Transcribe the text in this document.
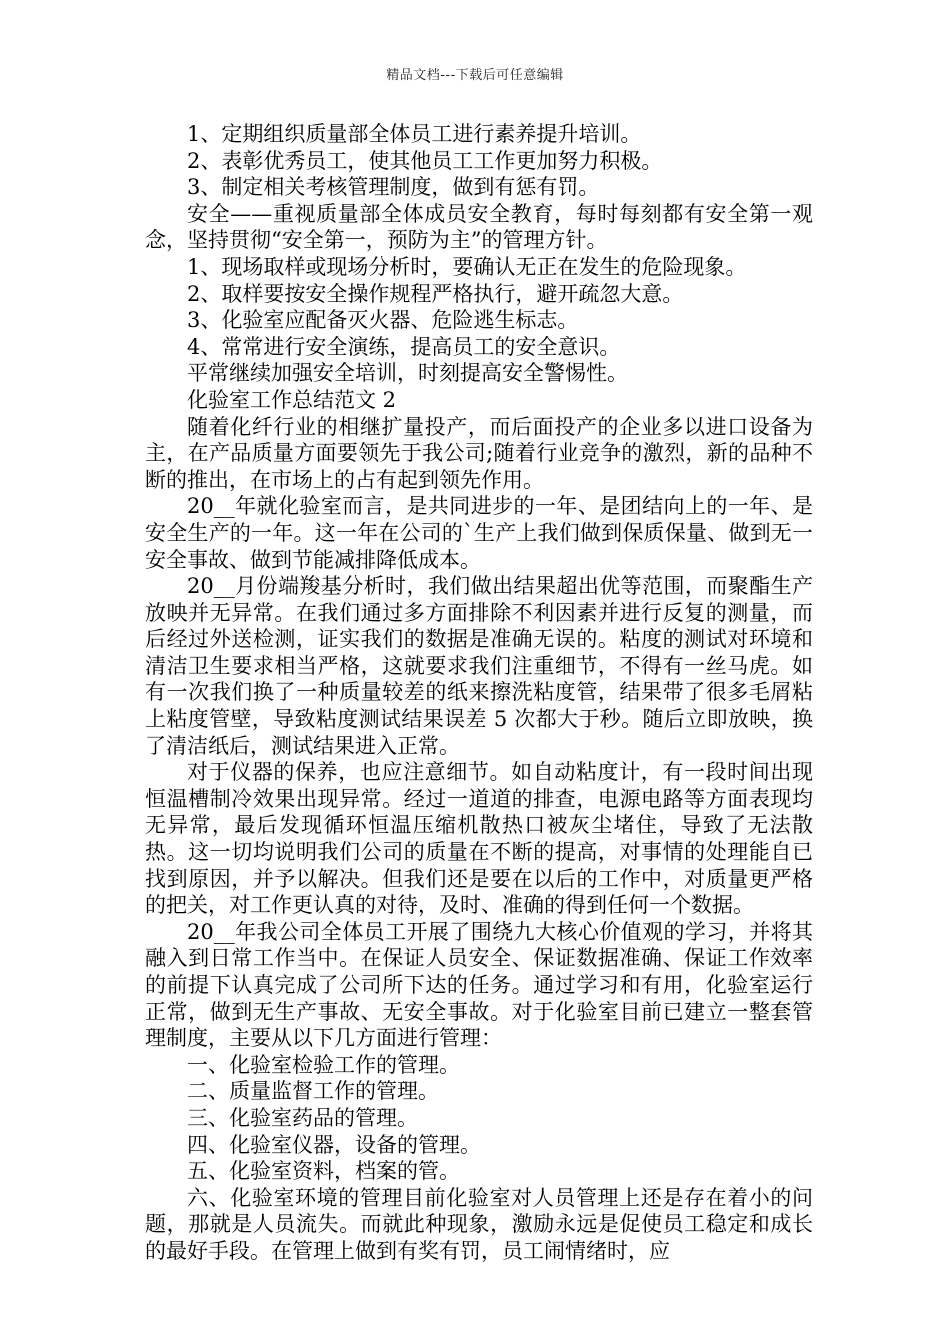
精品文档---下载后可任意编辑

1、定期组织质量部全体员工进行素养提升培训。

2、表彰优秀员工，使其他员工工作更加努力积极。

3、制定相关考核管理制度，做到有惩有罚。

安全——重视质量部全体成员安全教育，每时每刻都有安全第一观念，坚持贯彻“安全第一，预防为主”的管理方针。

1、现场取样或现场分析时，要确认无正在发生的危险现象。

2、取样要按安全操作规程严格执行，避开疏忽大意。

3、化验室应配备灭火器、危险逃生标志。

4、常常进行安全演练，提高员工的安全意识。

平常继续加强安全培训，时刻提高安全警惕性。

化验室工作总结范文 2

随着化纤行业的相继扩量投产，而后面投产的企业多以进口设备为主，在产品质量方面要领先于我公司;随着行业竞争的激烈，新的品种不断的推出，在市场上的占有起到领先作用。

20__年就化验室而言，是共同进步的一年、是团结向上的一年、是安全生产的一年。这一年在公司的`生产上我们做到保质保量、做到无一安全事故、做到节能减排降低成本。

20__月份端羧基分析时，我们做出结果超出优等范围，而聚酯生产放映并无异常。在我们通过多方面排除不利因素并进行反复的测量，而后经过外送检测，证实我们的数据是准确无误的。粘度的测试对环境和清洁卫生要求相当严格，这就要求我们注重细节，不得有一丝马虎。如有一次我们换了一种质量较差的纸来擦洗粘度管，结果带了很多毛屑粘上粘度管壁，导致粘度测试结果误差 5 次都大于秒。随后立即放映，换了清洁纸后，测试结果进入正常。

对于仪器的保养，也应注意细节。如自动粘度计，有一段时间出现恒温槽制冷效果出现异常。经过一道道的排查，电源电路等方面表现均无异常，最后发现循环恒温压缩机散热口被灰尘堵住，导致了无法散热。这一切均说明我们公司的质量在不断的提高，对事情的处理能自已找到原因，并予以解决。但我们还是要在以后的工作中，对质量更严格的把关，对工作更认真的对待，及时、准确的得到任何一个数据。

20__年我公司全体员工开展了围绕九大核心价值观的学习，并将其融入到日常工作当中。在保证人员安全、保证数据准确、保证工作效率的前提下认真完成了公司所下达的任务。通过学习和有用，化验室运行正常，做到无生产事故、无安全事故。对于化验室目前已建立一整套管理制度，主要从以下几方面进行管理：

一、化验室检验工作的管理。

二、质量监督工作的管理。

三、化验室药品的管理。

四、化验室仪器，设备的管理。

五、化验室资料，档案的管。

六、化验室环境的管理目前化验室对人员管理上还是存在着小的问题，那就是人员流失。而就此种现象，激励永远是促使员工稳定和成长的最好手段。在管理上做到有奖有罚，员工闹情绪时，应
